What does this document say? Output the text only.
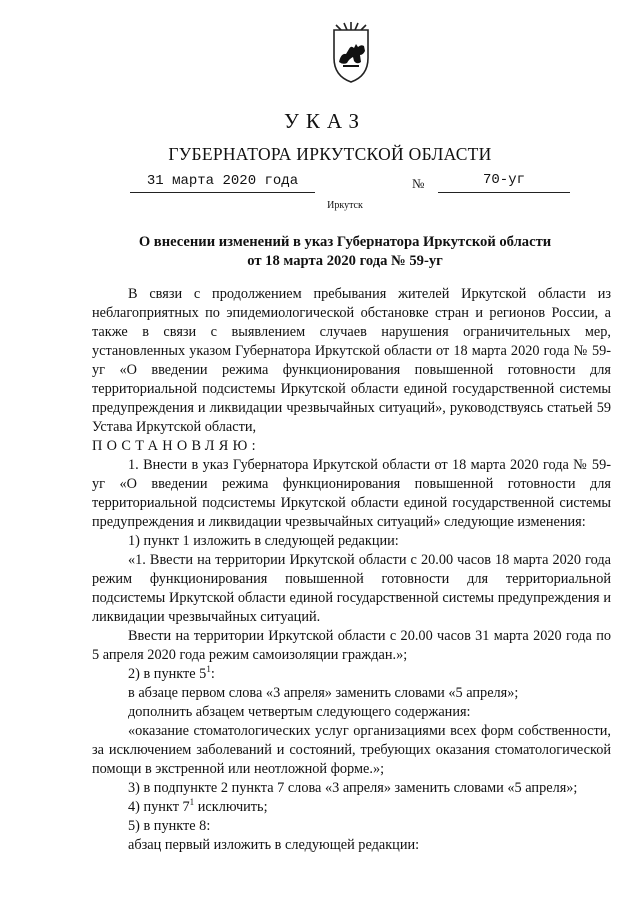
УКАЗ
ГУБЕРНАТОРА ИРКУТСКОЙ ОБЛАСТИ
31 марта 2020 года	№	70-уг
Иркутск
О внесении изменений в указ Губернатора Иркутской области
от 18 марта 2020 года № 59-уг

В связи с продолжением пребывания жителей Иркутской области из неблагоприятных по эпидемиологической обстановке стран и регионов России, а также в связи с выявлением случаев нарушения ограничительных мер, установленных указом Губернатора Иркутской области от 18 марта 2020 года № 59-уг «О введении режима функционирования повышенной готовности для территориальной подсистемы Иркутской области единой государственной системы предупреждения и ликвидации чрезвычайных ситуаций», руководствуясь статьей 59 Устава Иркутской области,

ПОСТАНОВЛЯЮ:

1. Внести в указ Губернатора Иркутской области от 18 марта 2020 года № 59-уг «О введении режима функционирования повышенной готовности для территориальной подсистемы Иркутской области единой государственной системы предупреждения и ликвидации чрезвычайных ситуаций» следующие изменения:

1) пункт 1 изложить в следующей редакции:

«1. Ввести на территории Иркутской области с 20.00 часов 18 марта 2020 года режим функционирования повышенной готовности для территориальной подсистемы Иркутской области единой государственной системы предупреждения и ликвидации чрезвычайных ситуаций.

Ввести на территории Иркутской области с 20.00 часов 31 марта 2020 года по 5 апреля 2020 года режим самоизоляции граждан.»;

2) в пункте $5^1$:

в абзаце первом слова «3 апреля» заменить словами «5 апреля»;

дополнить абзацем четвертым следующего содержания:

«оказание стоматологических услуг организациями всех форм собственности, за исключением заболеваний и состояний, требующих оказания стоматологической помощи в экстренной или неотложной форме.»;

3) в подпункте 2 пункта 7 слова «3 апреля» заменить словами «5 апреля»;

4) пункт $7^1$ исключить;

5) в пункте 8:

абзац первый изложить в следующей редакции:
